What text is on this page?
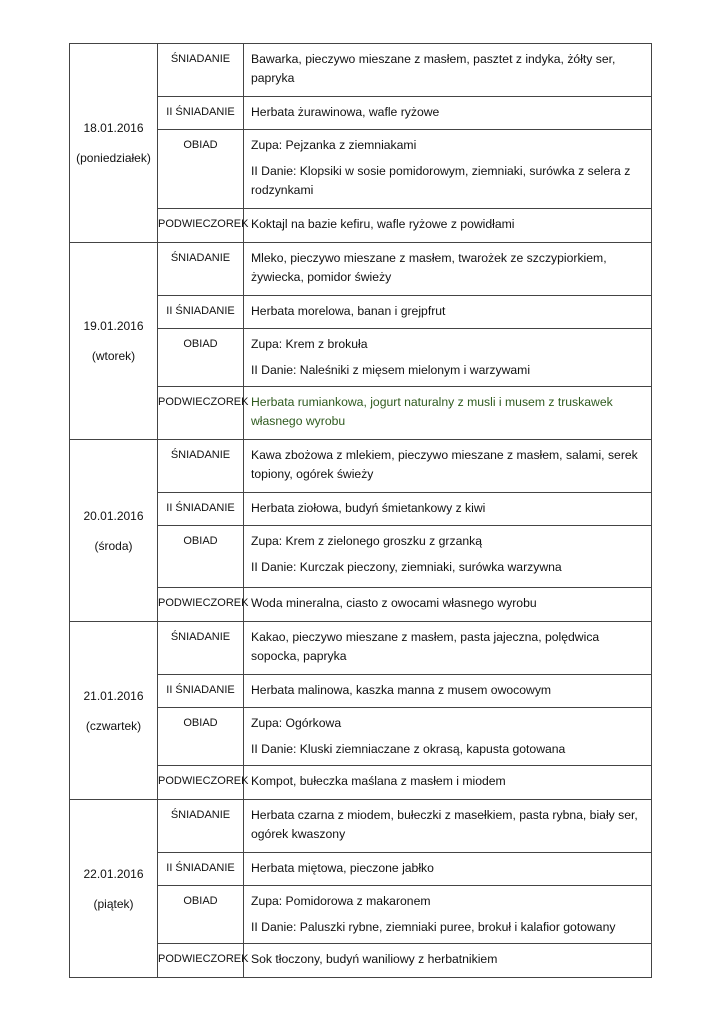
18.01.2016
(poniedziałek)	ŚNIADANIE	Bawarka, pieczywo mieszane z masłem, pasztet z indyka, żółty ser, papryka
	II ŚNIADANIE	Herbata żurawinowa, wafle ryżowe
	OBIAD	Zupa: Pejzanka z ziemniakami
II Danie: Klopsiki w sosie pomidorowym, ziemniaki, surówka z selera z rodzynkami

	PODWIECZOREK	Koktajl na bazie kefiru, wafle ryżowe z powidłami

19.01.2016
(wtorek)	ŚNIADANIE	Mleko, pieczywo mieszane z masłem, twarożek ze szczypiorkiem, żywiecka, pomidor świeży
	II ŚNIADANIE	Herbata morelowa, banan i grejpfrut
	OBIAD	Zupa: Krem z brokuła
II Danie: Naleśniki z mięsem mielonym i warzywami

	PODWIECZOREK	Herbata rumiankowa, jogurt naturalny z musli i musem z truskawek własnego wyrobu

20.01.2016
(środa)	ŚNIADANIE	Kawa zbożowa z mlekiem, pieczywo mieszane z masłem, salami, serek topiony, ogórek świeży
	II ŚNIADANIE	Herbata ziołowa, budyń śmietankowy z kiwi
	OBIAD	Zupa: Krem z zielonego groszku z grzanką
II Danie: Kurczak pieczony, ziemniaki, surówka warzywna

	PODWIECZOREK	Woda mineralna, ciasto z owocami własnego wyrobu

21.01.2016
(czwartek)	ŚNIADANIE	Kakao, pieczywo mieszane z masłem, pasta jajeczna, polędwica sopocka, papryka
	II ŚNIADANIE	Herbata malinowa, kaszka manna z musem owocowym
	OBIAD	Zupa: Ogórkowa
II Danie: Kluski ziemniaczane z okrasą, kapusta gotowana

	PODWIECZOREK	Kompot, bułeczka maślana z masłem i miodem

22.01.2016
(piątek)	ŚNIADANIE	Herbata czarna z miodem, bułeczki z masełkiem, pasta rybna, biały ser, ogórek kwaszony
	II ŚNIADANIE	Herbata miętowa, pieczone jabłko
	OBIAD	Zupa: Pomidorowa z makaronem
II Danie: Paluszki rybne, ziemniaki puree, brokuł i kalafior gotowany

	PODWIECZOREK	Sok tłoczony, budyń waniliowy z herbatnikiem
